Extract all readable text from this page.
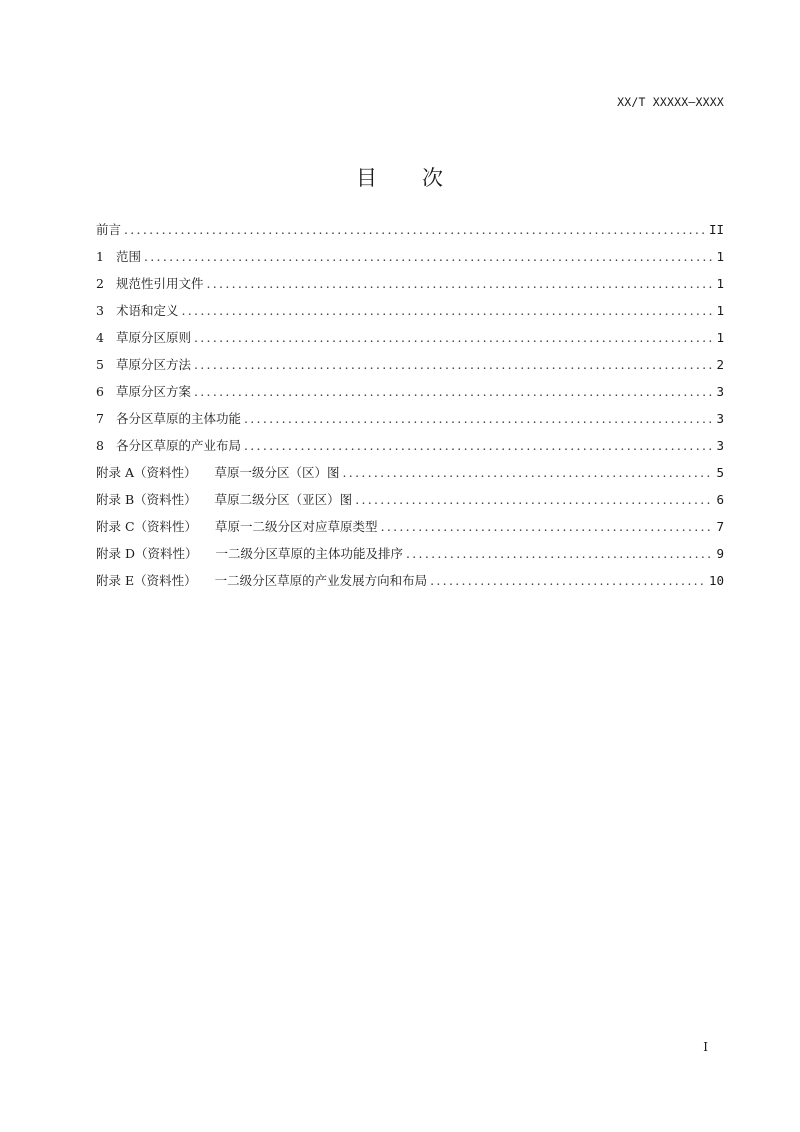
XX/T XXXXX—XXXX
目 次
前言 .....	II
1 范围 .....	1
2 规范性引用文件 .....	1
3 术语和定义 .....	1
4 草原分区原则 .....	1
5 草原分区方法 .....	2
6 草原分区方案 .....	3
7 各分区草原的主体功能 .....	3
8 各分区草原的产业布局 .....	3
附录 A（资料性） 草原一级分区（区）图 .....	5
附录 B（资料性） 草原二级分区（亚区）图 .....	6
附录 C（资料性） 草原一二级分区对应草原类型 .....	7
附录 D（资料性） 一二级分区草原的主体功能及排序 .....	9
附录 E（资料性） 一二级分区草原的产业发展方向和布局 .....	10
I
